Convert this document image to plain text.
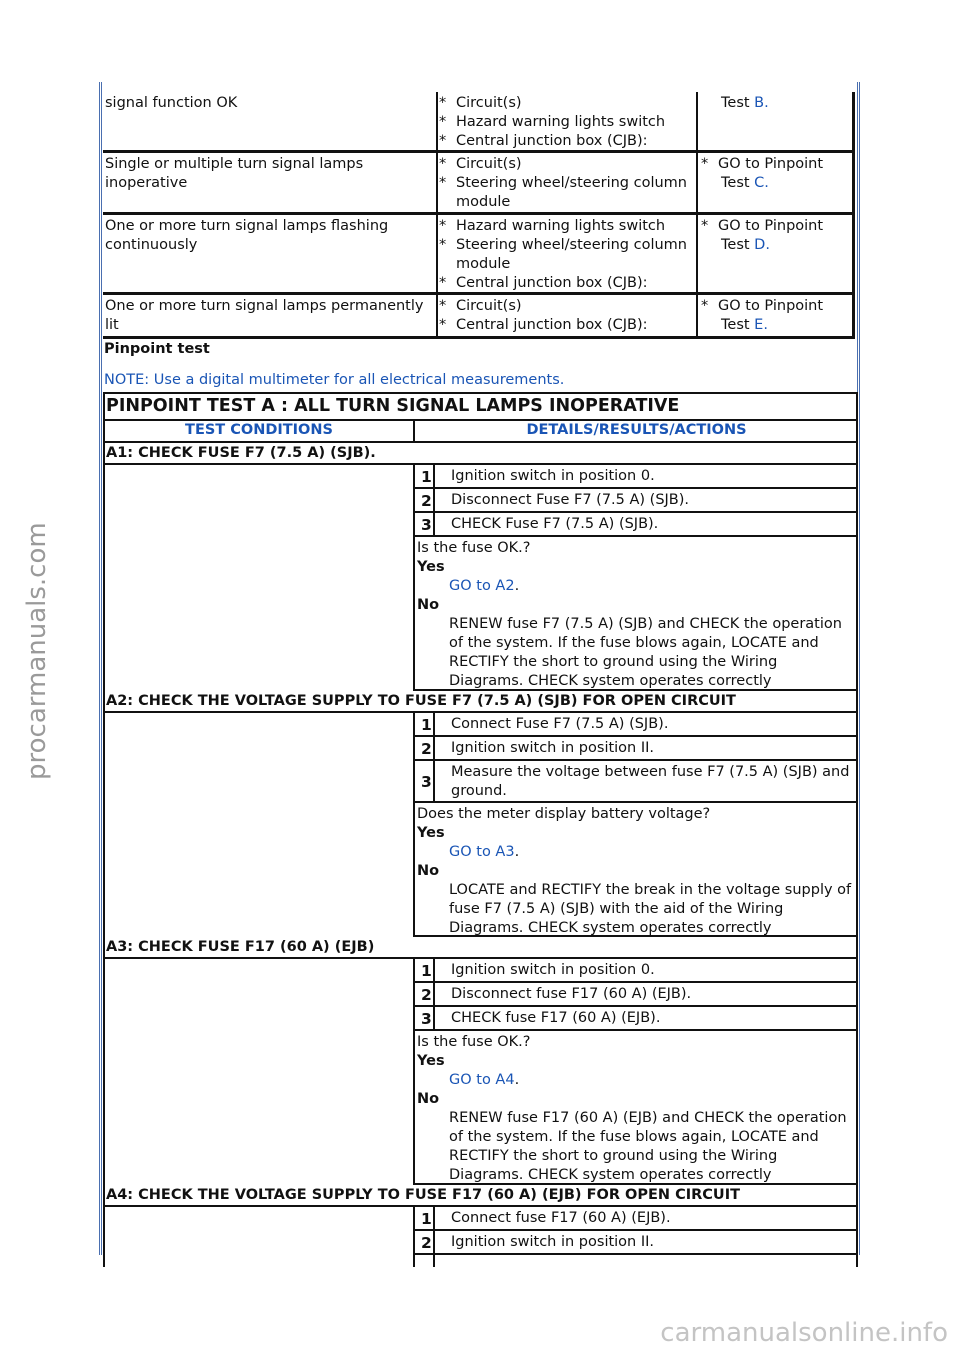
procarmanuals.com
carmanualsonline.info
signal function OK	* Circuit(s)
* Hazard warning lights switch
* Central junction box (CJB):
Test B.
Single or multiple turn signal lamps inoperative
* Circuit(s)
* Steering wheel/steering column module
* GO to Pinpoint
Test C.
One or more turn signal lamps flashing continuously
* Hazard warning lights switch
* Steering wheel/steering column module
* Central junction box (CJB):
* GO to Pinpoint
Test D.
One or more turn signal lamps permanently lit
* Circuit(s)
* Central junction box (CJB):
* GO to Pinpoint
Test E.
Pinpoint test
NOTE: Use a digital multimeter for all electrical measurements.
PINPOINT TEST A : ALL TURN SIGNAL LAMPS INOPERATIVE
TEST CONDITIONS	DETAILS/RESULTS/ACTIONS
A1: CHECK FUSE F7 (7.5 A) (SJB).
1 Ignition switch in position 0.
2 Disconnect Fuse F7 (7.5 A) (SJB).
3 CHECK Fuse F7 (7.5 A) (SJB).
Is the fuse OK.?
Yes
GO to A2.
No
RENEW fuse F7 (7.5 A) (SJB) and CHECK the operation of the system. If the fuse blows again, LOCATE and RECTIFY the short to ground using the Wiring Diagrams. CHECK system operates correctly
A2: CHECK THE VOLTAGE SUPPLY TO FUSE F7 (7.5 A) (SJB) FOR OPEN CIRCUIT
1 Connect Fuse F7 (7.5 A) (SJB).
2 Ignition switch in position II.
3
Measure the voltage between fuse F7 (7.5 A) (SJB) and ground.
Does the meter display battery voltage?
Yes
GO to A3.
No
LOCATE and RECTIFY the break in the voltage supply of fuse F7 (7.5 A) (SJB) with the aid of the Wiring Diagrams. CHECK system operates correctly
A3: CHECK FUSE F17 (60 A) (EJB)
1 Ignition switch in position 0.
2 Disconnect fuse F17 (60 A) (EJB).
3 CHECK fuse F17 (60 A) (EJB).
Is the fuse OK.?
Yes
GO to A4.
No
RENEW fuse F17 (60 A) (EJB) and CHECK the operation of the system. If the fuse blows again, LOCATE and RECTIFY the short to ground using the Wiring Diagrams. CHECK system operates correctly
A4: CHECK THE VOLTAGE SUPPLY TO FUSE F17 (60 A) (EJB) FOR OPEN CIRCUIT
1 Connect fuse F17 (60 A) (EJB).
2 Ignition switch in position II.
